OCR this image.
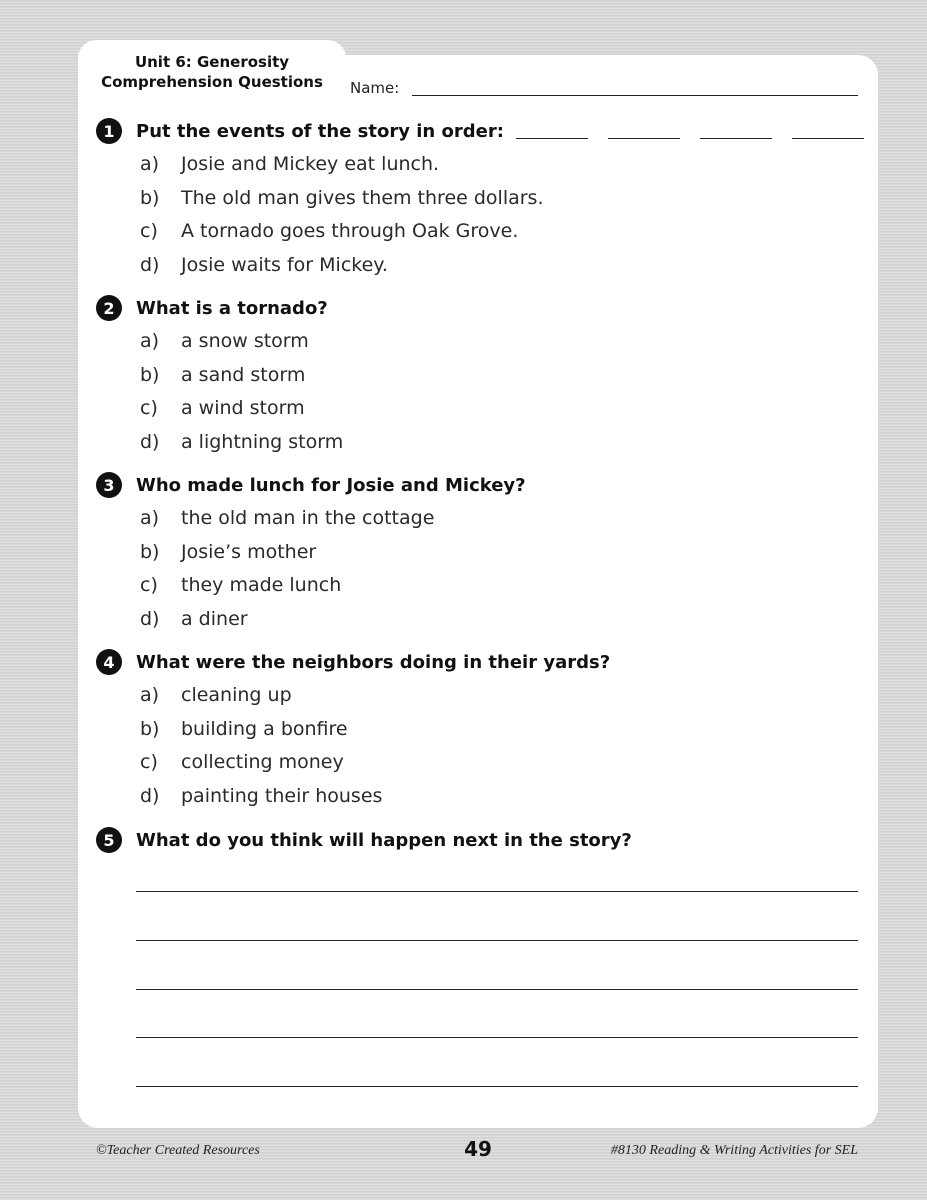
Unit 6: Generosity
Comprehension Questions	Name:
1	Put the events of the story in order:
a)	Josie and Mickey eat lunch.
b)	The old man gives them three dollars.
c)	A tornado goes through Oak Grove.
d)	Josie waits for Mickey.
2	What is a tornado?
a)	a snow storm
b)	a sand storm
c)	a wind storm
d)	a lightning storm
3	Who made lunch for Josie and Mickey?
a)	the old man in the cottage
b)	Josie’s mother
c)	they made lunch
d)	a diner
4	What were the neighbors doing in their yards?
a)	cleaning up
b)	building a bonfire
c)	collecting money
d)	painting their houses
5	What do you think will happen next in the story?
©Teacher Created Resources	49	#8130 Reading & Writing Activities for SEL
